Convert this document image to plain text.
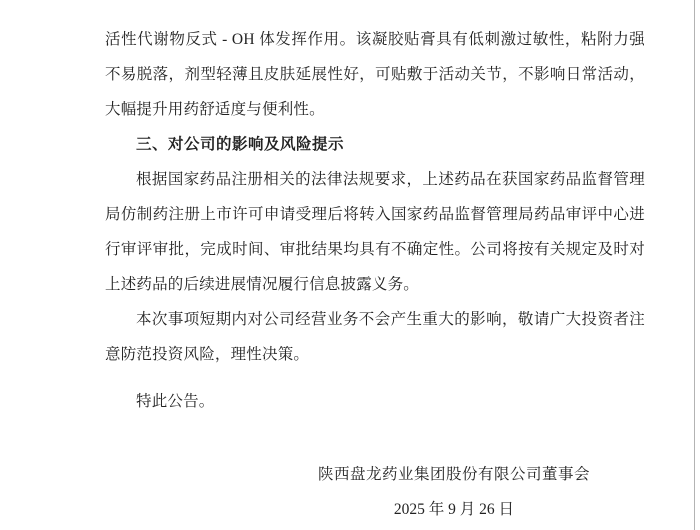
活性代谢物反式 - OH 体发挥作用。该凝胶贴膏具有低刺激过敏性，粘附力强不易脱落，剂型轻薄且皮肤延展性好，可贴敷于活动关节，不影响日常活动，大幅提升用药舒适度与便利性。

三、对公司的影响及风险提示

根据国家药品注册相关的法律法规要求，上述药品在获国家药品监督管理局仿制药注册上市许可申请受理后将转入国家药品监督管理局药品审评中心进行审评审批，完成时间、审批结果均具有不确定性。公司将按有关规定及时对上述药品的后续进展情况履行信息披露义务。

本次事项短期内对公司经营业务不会产生重大的影响，敬请广大投资者注意防范投资风险，理性决策。

特此公告。

陕西盘龙药业集团股份有限公司董事会
2025 年 9 月 26 日
